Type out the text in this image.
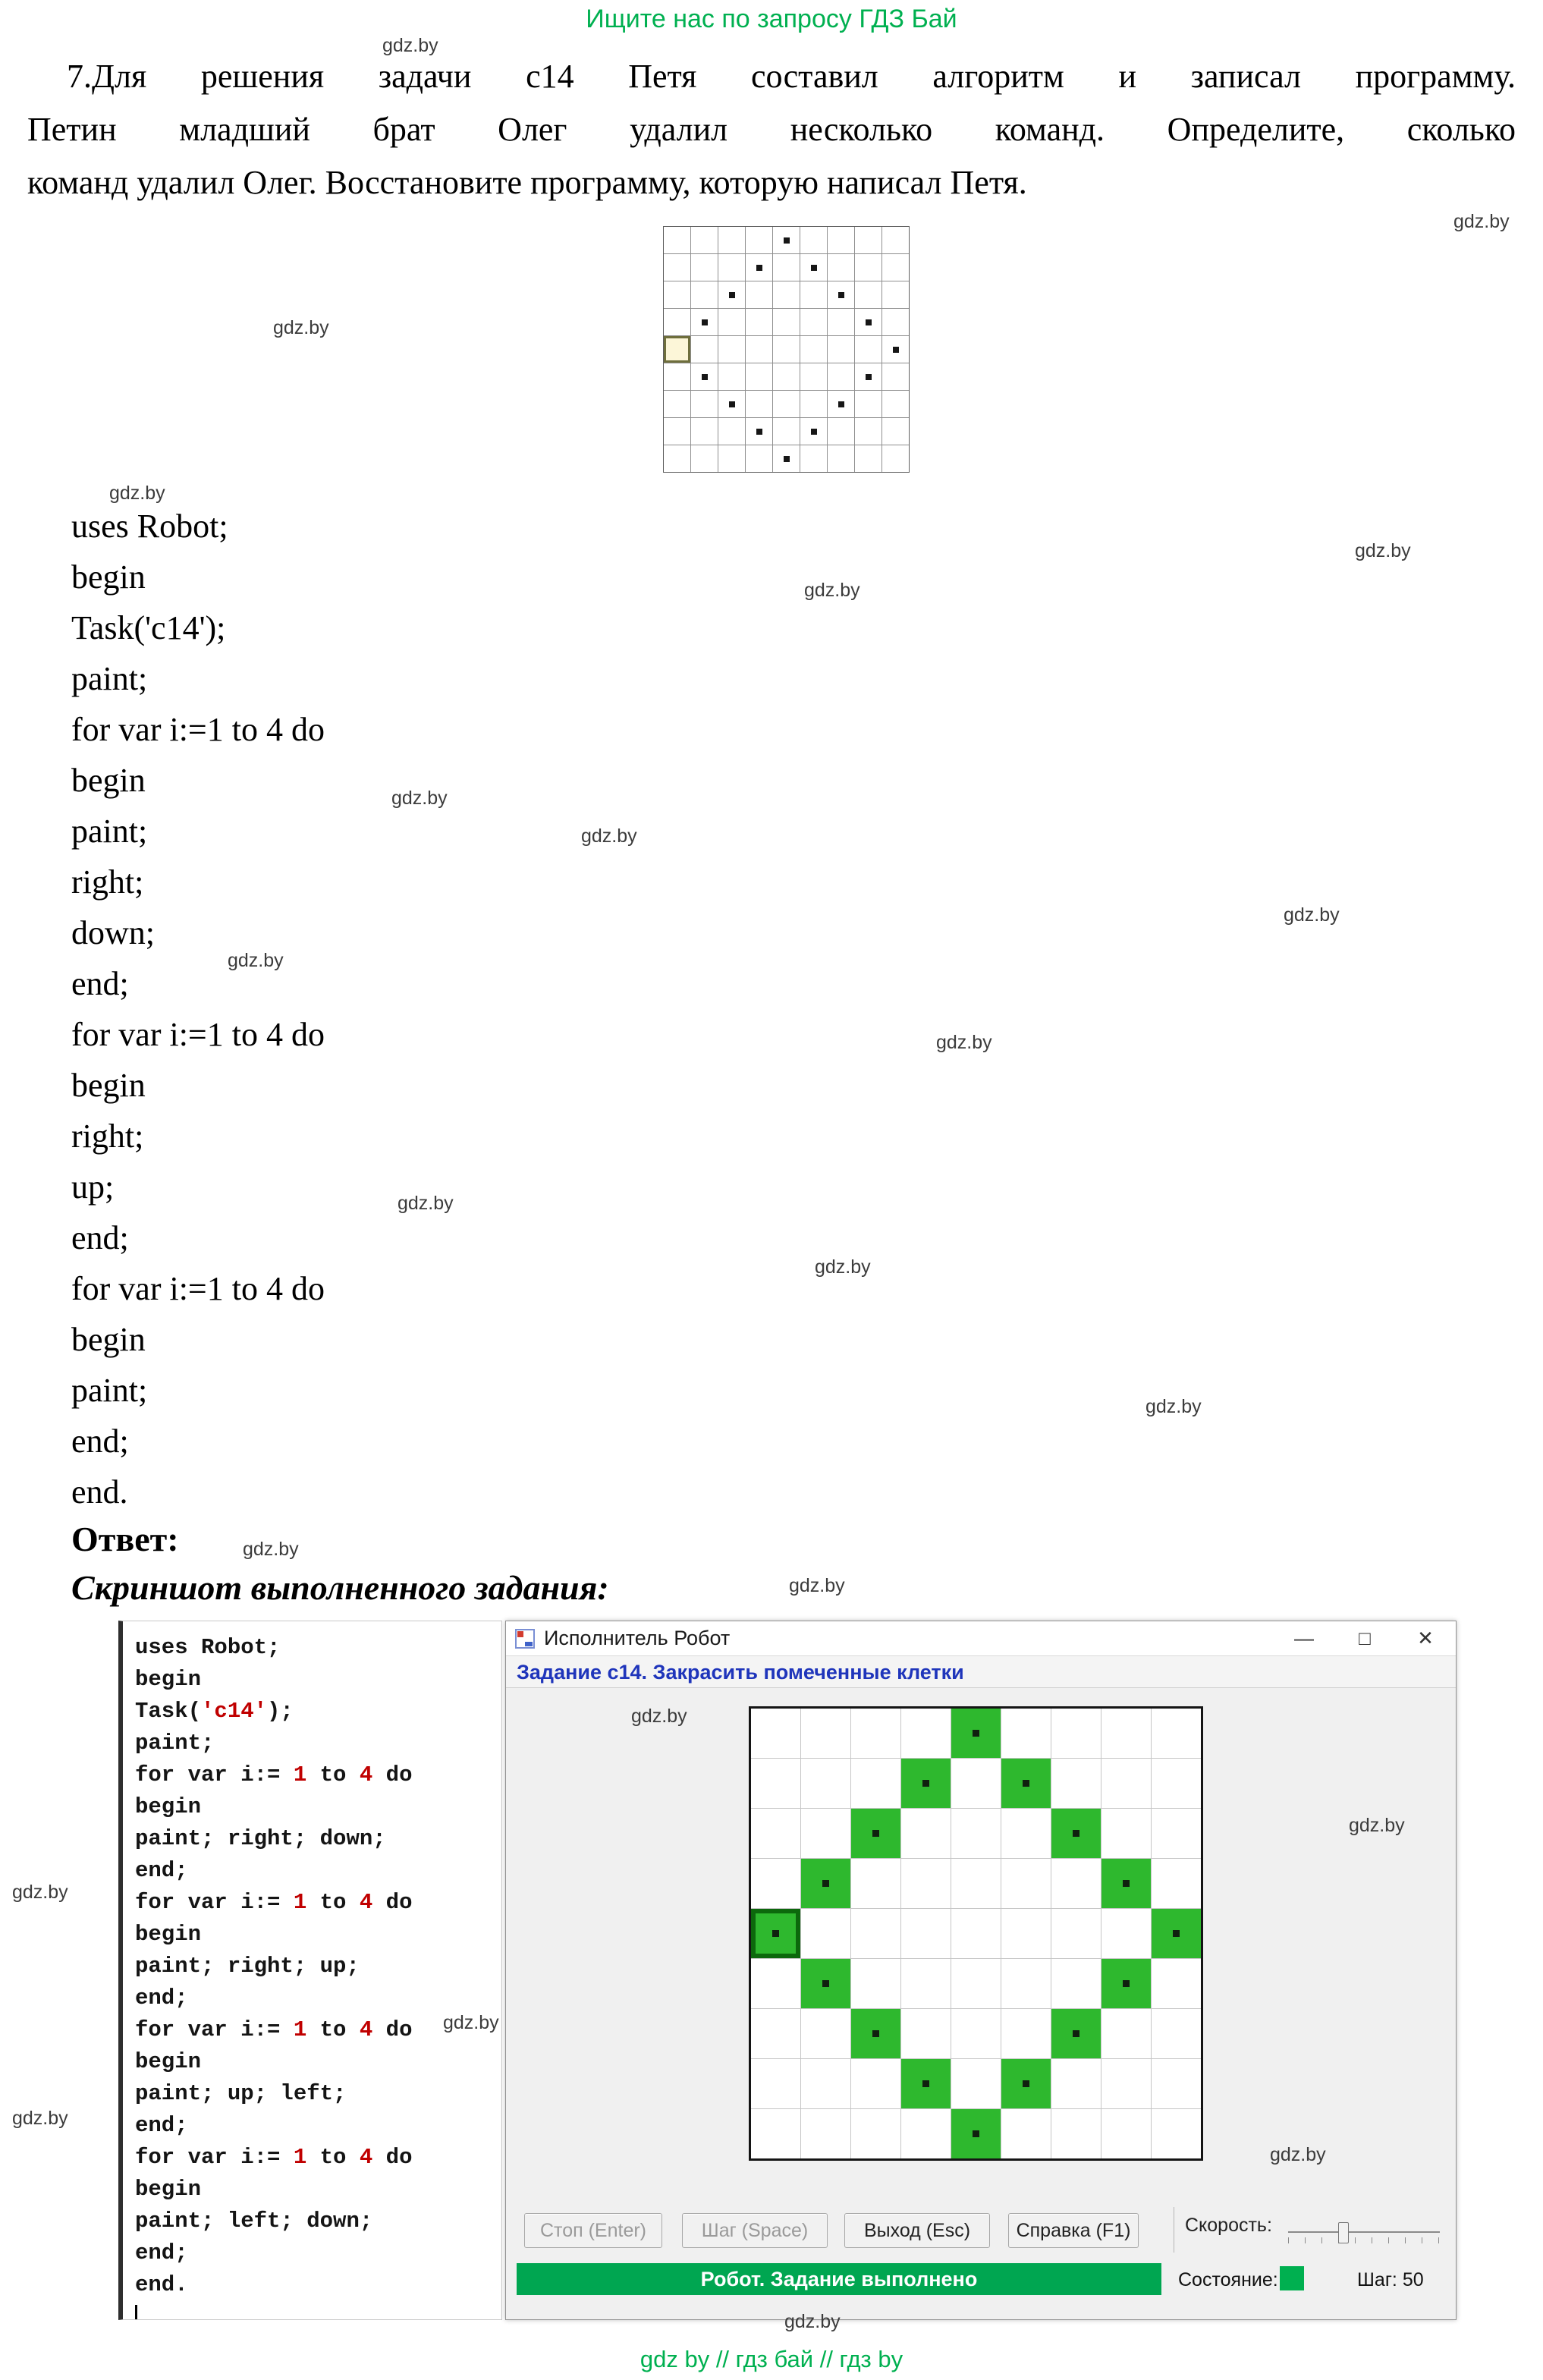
Ищите нас по запросу ГДЗ Бай
7.Для решения задачи c14 Петя составил алгоритм и записал программу.
Петин младший брат Олег удалил несколько команд. Определите, сколько
команд удалил Олег. Восстановите программу, которую написал Петя.
uses Robot;
begin
Task('c14');
paint;
for var i:=1 to 4 do
begin
paint;
right;
down;
end;
for var i:=1 to 4 do
begin
right;
up;
end;
for var i:=1 to 4 do
begin
paint;
end;
end.
Ответ:
Скриншот выполненного задания:
uses Robot;
begin
Task('c14');
paint;
for var i:= 1 to 4 do
begin
paint; right; down;
end;
for var i:= 1 to 4 do
begin
paint; right; up;
end;
for var i:= 1 to 4 do
begin
paint; up; left;
end;
for var i:= 1 to 4 do
begin
paint; left; down;
end;
end.
Исполнитель Робот	—	□	✕
Задание c14. Закрасить помеченные клетки
Стоп (Enter)	Шаг (Space)	Выход (Esc)	Справка (F1)	Скорость:
Робот. Задание выполнено	Состояние:	Шаг: 50
gdz by // гдз бай // гдз by
gdz.by
gdz.by
gdz.by
gdz.by
gdz.by
gdz.by
gdz.by
gdz.by
gdz.by
gdz.by
gdz.by
gdz.by
gdz.by
gdz.by
gdz.by
gdz.by
gdz.by
gdz.by
gdz.by
gdz.by
gdz.by
gdz.by
gdz.by
